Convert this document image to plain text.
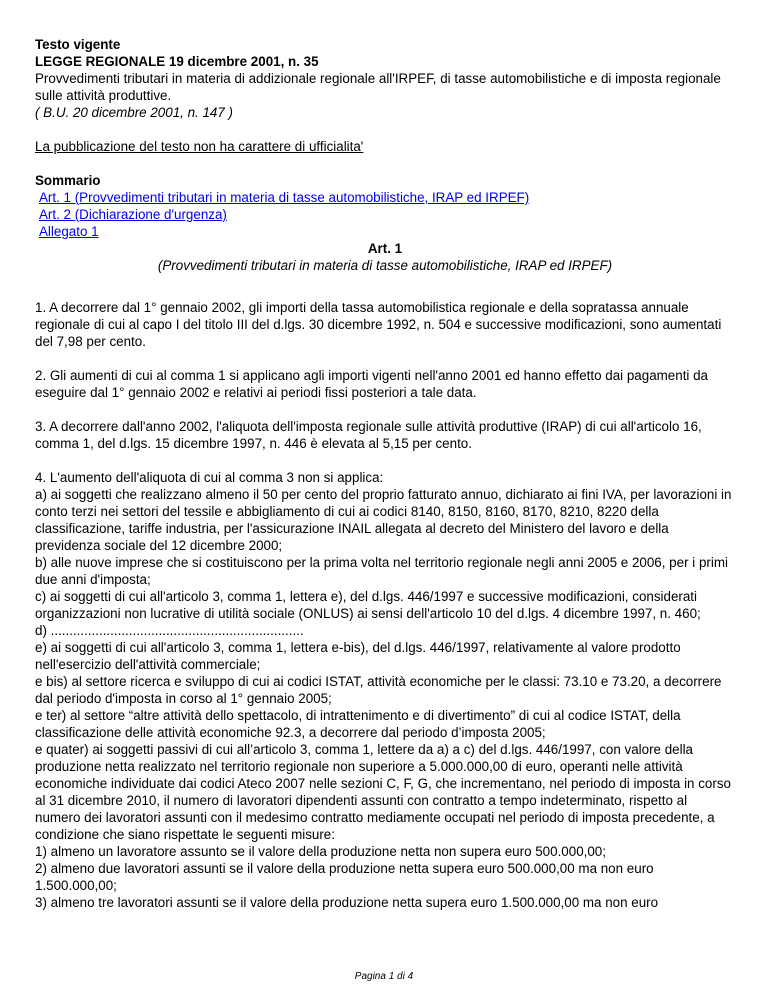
Testo vigente

LEGGE REGIONALE 19 dicembre 2001, n. 35

Provvedimenti tributari in materia di addizionale regionale all'IRPEF, di tasse automobilistiche e di imposta regionale sulle attività produttive.

( B.U. 20 dicembre 2001, n. 147 )

La pubblicazione del testo non ha carattere di ufficialita'

Sommario

Art. 1 (Provvedimenti tributari in materia di tasse automobilistiche, IRAP ed IRPEF)
Art. 2 (Dichiarazione d'urgenza)
Allegato 1

Art. 1

(Provvedimenti tributari in materia di tasse automobilistiche, IRAP ed IRPEF)

1. A decorrere dal 1° gennaio 2002, gli importi della tassa automobilistica regionale e della sopratassa annuale regionale di cui al capo I del titolo III del d.lgs. 30 dicembre 1992, n. 504 e successive modificazioni, sono aumentati del 7,98 per cento.

2. Gli aumenti di cui al comma 1 si applicano agli importi vigenti nell'anno 2001 ed hanno effetto dai pagamenti da eseguire dal 1° gennaio 2002 e relativi ai periodi fissi posteriori a tale data.

3. A decorrere dall'anno 2002, l'aliquota dell'imposta regionale sulle attività produttive (IRAP) di cui all'articolo 16, comma 1, del d.lgs. 15 dicembre 1997, n. 446 è elevata al 5,15 per cento.

4. L'aumento dell'aliquota di cui al comma 3 non si applica:

a) ai soggetti che realizzano almeno il 50 per cento del proprio fatturato annuo, dichiarato ai fini IVA, per lavorazioni in conto terzi nei settori del tessile e abbigliamento di cui ai codici 8140, 8150, 8160, 8170, 8210, 8220 della classificazione, tariffe industria, per l'assicurazione INAIL allegata al decreto del Ministero del lavoro e della previdenza sociale del 12 dicembre 2000;

b) alle nuove imprese che si costituiscono per la prima volta nel territorio regionale negli anni 2005 e 2006, per i primi due anni d'imposta;

c) ai soggetti di cui all'articolo 3, comma 1, lettera e), del d.lgs. 446/1997 e successive modificazioni, considerati organizzazioni non lucrative di utilità sociale (ONLUS) ai sensi dell'articolo 10 del d.lgs. 4 dicembre 1997, n. 460;

d) ....................................................................

e) ai soggetti di cui all'articolo 3, comma 1, lettera e-bis), del d.lgs. 446/1997, relativamente al valore prodotto nell'esercizio dell'attività commerciale;

e bis) al settore ricerca e sviluppo di cui ai codici ISTAT, attività economiche per le classi: 73.10 e 73.20, a decorrere dal periodo d'imposta in corso al 1° gennaio 2005;

e ter) al settore “altre attività dello spettacolo, di intrattenimento e di divertimento” di cui al codice ISTAT, della classificazione delle attività economiche 92.3, a decorrere dal periodo d’imposta 2005;

e quater) ai soggetti passivi di cui all’articolo 3, comma 1, lettere da a) a c) del d.lgs. 446/1997, con valore della produzione netta realizzato nel territorio regionale non superiore a 5.000.000,00 di euro, operanti nelle attività economiche individuate dai codici Ateco 2007 nelle sezioni C, F, G, che incrementano, nel periodo di imposta in corso al 31 dicembre 2010, il numero di lavoratori dipendenti assunti con contratto a tempo indeterminato, rispetto al numero dei lavoratori assunti con il medesimo contratto mediamente occupati nel periodo di imposta precedente, a condizione che siano rispettate le seguenti misure:

1) almeno un lavoratore assunto se il valore della produzione netta non supera euro 500.000,00;

2) almeno due lavoratori assunti se il valore della produzione netta supera euro 500.000,00 ma non euro 1.500.000,00;

3) almeno tre lavoratori assunti se il valore della produzione netta supera euro 1.500.000,00 ma non euro

Pagina 1 di 4
